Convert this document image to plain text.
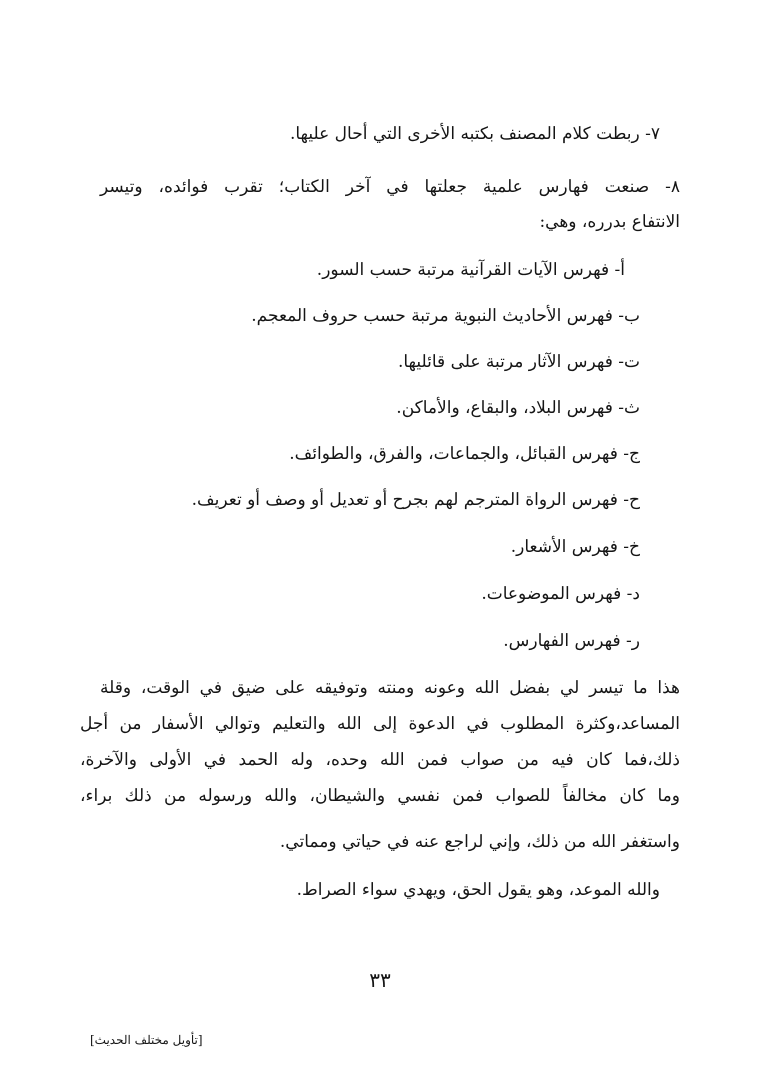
٧- ربطت كلام المصنف بكتبه الأخرى التي أحال عليها.
٨- صنعت فهارس علمية جعلتها في آخر الكتاب؛ تقرب فوائده، وتيسر
الانتفاع بدرره، وهي:
أ- فهرس الآيات القرآنية مرتبة حسب السور.
ب- فهرس الأحاديث النبوية مرتبة حسب حروف المعجم.
ت- فهرس الآثار مرتبة على قائليها.
ث- فهرس البلاد، والبقاع، والأماكن.
ج- فهرس القبائل، والجماعات، والفرق، والطوائف.
ح- فهرس الرواة المترجم لهم بجرح أو تعديل أو وصف أو تعريف.
خ- فهرس الأشعار.
د- فهرس الموضوعات.
ر- فهرس الفهارس.
هذا ما تيسر لي بفضل الله وعونه ومنته وتوفيقه على ضيق في الوقت، وقلة
المساعد،وكثرة المطلوب في الدعوة إلى الله والتعليم وتوالي الأسفار من أجل
ذلك،فما كان فيه من صواب فمن الله وحده، وله الحمد في الأولى والآخرة،
وما كان مخالفاً للصواب فمن نفسي والشيطان، والله ورسوله من ذلك براء،
واستغفر الله من ذلك، وإني لراجع عنه في حياتي ومماتي.
والله الموعد، وهو يقول الحق، ويهدي سواء الصراط.
٣٣
[تأويل مختلف الحديث]
